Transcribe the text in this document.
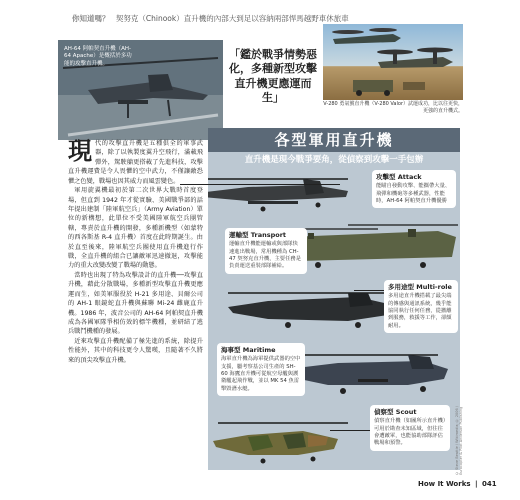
你知道嗎？ 契努克（Chinook）直升機的內部大到足以容納兩部悍馬越野車休旅車
AH-64 阿帕契直升機（AH-64 Apache）是概括於多功能的攻擊直升機。
「鑑於戰爭情勢惡化，多種新型攻擊直升機更應運而生」
V-280 勇氣號直升機（V-280 Valor）試運成功，比以往更快，更強的直升機式。
現 代的攻擊直升機是五種俱全的軍事武器，除了以執製度翼升空飛行，滿載飛彈外，駕駛艙更搭載了先進科技，攻擊直升機運費是令人畏懼的空中武力，不僅讓敵恐懼之色變，戰場也因其威力而風雲變色。

軍用旋翼機最初於第二次世界大戰時首度登場，但直到 1942 年才從實驗、美國戰爭部的話年提出建制「陸軍航空兵」（Army Aviation）單位的新構想，此單位不受美國陸軍航空兵團管轄，專責於直升機的開發，多種新機型（如蒙特的西各斯基 R-4 直升機）首度在此時期誕生。由於直至後來，陸軍航空兵團使用直升機進行作戰，全直升機的組合已讓敵軍迅速撤退，攻擊能力的重大改變改變了戰場的動態。

當時也出現了特為攻擊設計的直升機──攻擊直升機，藉此分散戰場，多種新型攻擊直升機更應運而生，如美軍服役於 H-21 多用途、貝爾公司的 AH-1 眼鏡蛇直升機與蘇聯 Mi-24 雌鹿直升機。1986 年，波音公司的 AH-64 阿帕契直升機成為各國軍隊爭相仿效的標竿機種，並研結了逃兵戰鬥機種的發展。

近來攻擊直升機配備了極先進的系統，除提升性能外，其中的科技更令人驚嘆，且隨著不久將來的頂尖攻擊直升機。

各型軍用直升機
直升機是現今戰爭要角，從偵察到攻擊一手包辦
攻擊型 Attack
能瞄自發動攻擊、能攜帶大量、飛彈和機砲等多種武器，性能時，AH-64 阿帕契直升機優勝
運輸型 Transport
運輸直升機能運輸或與部隊快速進出戰場，常用機種為 CH-47 契努克直升機，主要任務是負責運送重裝部隊補給。
多用途型 Multi-role
多用途直升機搭載了最尖端的傳感與通訊系統，幾乎能協同執行任何任務，從撤離到服務，救援等工作，卻頗耐用。
海事型 Maritime
海軍直升機為海軍提供武器的空中支援，屬考察基公司生產的 SH-60 海鷹直升機可從航空母艦與護衛艦起飛作戰，並以 MK 54 魚雷擊毀潛水艇。
偵察型 Scout
偵察直升機（如圖所示直升機）可用於勘查未知區域，但往往會遭敵軍，也能協助部隊評估戰場和預警。	© Steve Beattie / Wikimedia; © 2006 / Eurocopter & Pilot Anderson Publishing
How It Works | 041
